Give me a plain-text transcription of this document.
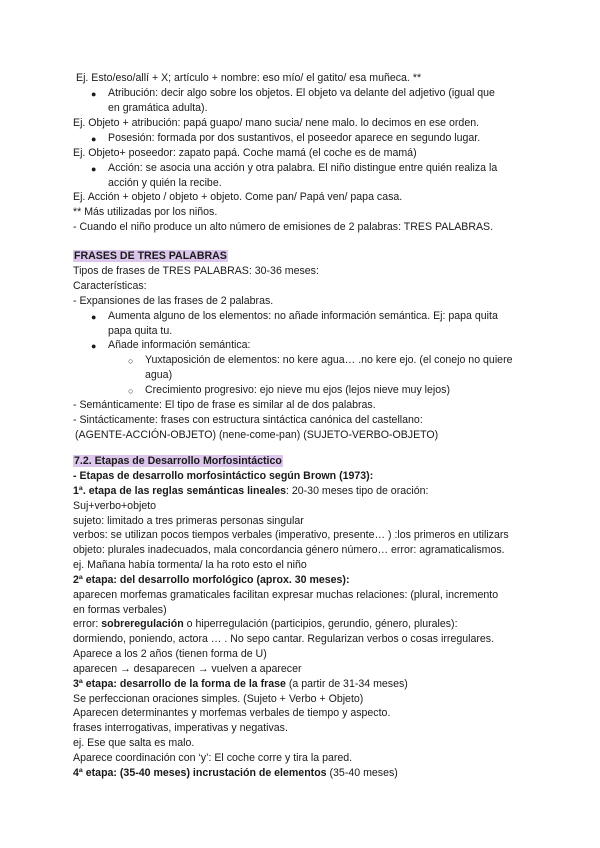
Ej. Esto/eso/allí + X; artículo + nombre: eso mío/ el gatito/ esa muñeca. **
● Atribución: decir algo sobre los objetos. El objeto va delante del adjetivo (igual que
en gramática adulta).
Ej. Objeto + atribución: papá guapo/ mano sucia/ nene malo. lo decimos en ese orden.
● Posesión: formada por dos sustantivos, el poseedor aparece en segundo lugar.
Ej. Objeto+ poseedor: zapato papá. Coche mamá (el coche es de mamá)
● Acción: se asocia una acción y otra palabra. El niño distingue entre quién realiza la
acción y quién la recibe.
Ej. Acción + objeto / objeto + objeto. Come pan/ Papá ven/ papa casa.
** Más utilizadas por los niños.
- Cuando el niño produce un alto número de emisiones de 2 palabras: TRES PALABRAS.
FRASES DE TRES PALABRAS
Tipos de frases de TRES PALABRAS: 30-36 meses:
Características:
- Expansiones de las frases de 2 palabras.
● Aumenta alguno de los elementos: no añade información semántica. Ej: papa quita
papa quita tu.
● Añade información semántica:
○ Yuxtaposición de elementos: no kere agua… .no kere ejo. (el conejo no quiere
agua)
○ Crecimiento progresivo: ejo nieve mu ejos (lejos nieve muy lejos)
- Semánticamente: El tipo de frase es similar al de dos palabras.
- Sintácticamente: frases con estructura sintáctica canónica del castellano:
(AGENTE-ACCIÓN-OBJETO) (nene-come-pan) (SUJETO-VERBO-OBJETO)
7.2. Etapas de Desarrollo Morfosintáctico
- Etapas de desarrollo morfosintáctico según Brown (1973):
1ª. etapa de las reglas semánticas lineales: 20-30 meses tipo de oración:
Suj+verbo+objeto
sujeto: limitado a tres primeras personas singular
verbos: se utilizan pocos tiempos verbales (imperativo, presente… ) :los primeros en utilizars
objeto: plurales inadecuados, mala concordancia género número… error: agramaticalismos.
ej. Mañana había tormenta/ la ha roto esto el niño
2ª etapa: del desarrollo morfológico (aprox. 30 meses):
aparecen morfemas gramaticales facilitan expresar muchas relaciones: (plural, incremento
en formas verbales)
error: sobreregulación o hiperregulación (participios, gerundio, género, plurales):
dormiendo, poniendo, actora … . No sepo cantar. Regularizan verbos o cosas irregulares.
Aparece a los 2 años (tienen forma de U)
aparecen → desaparecen → vuelven a aparecer
3ª etapa: desarrollo de la forma de la frase (a partir de 31-34 meses)
Se perfeccionan oraciones simples. (Sujeto + Verbo + Objeto)
Aparecen determinantes y morfemas verbales de tiempo y aspecto.
frases interrogativas, imperativas y negativas.
ej. Ese que salta es malo.
Aparece coordinación con ‘y’: El coche corre y tira la pared.
4ª etapa: (35-40 meses) incrustación de elementos (35-40 meses)
